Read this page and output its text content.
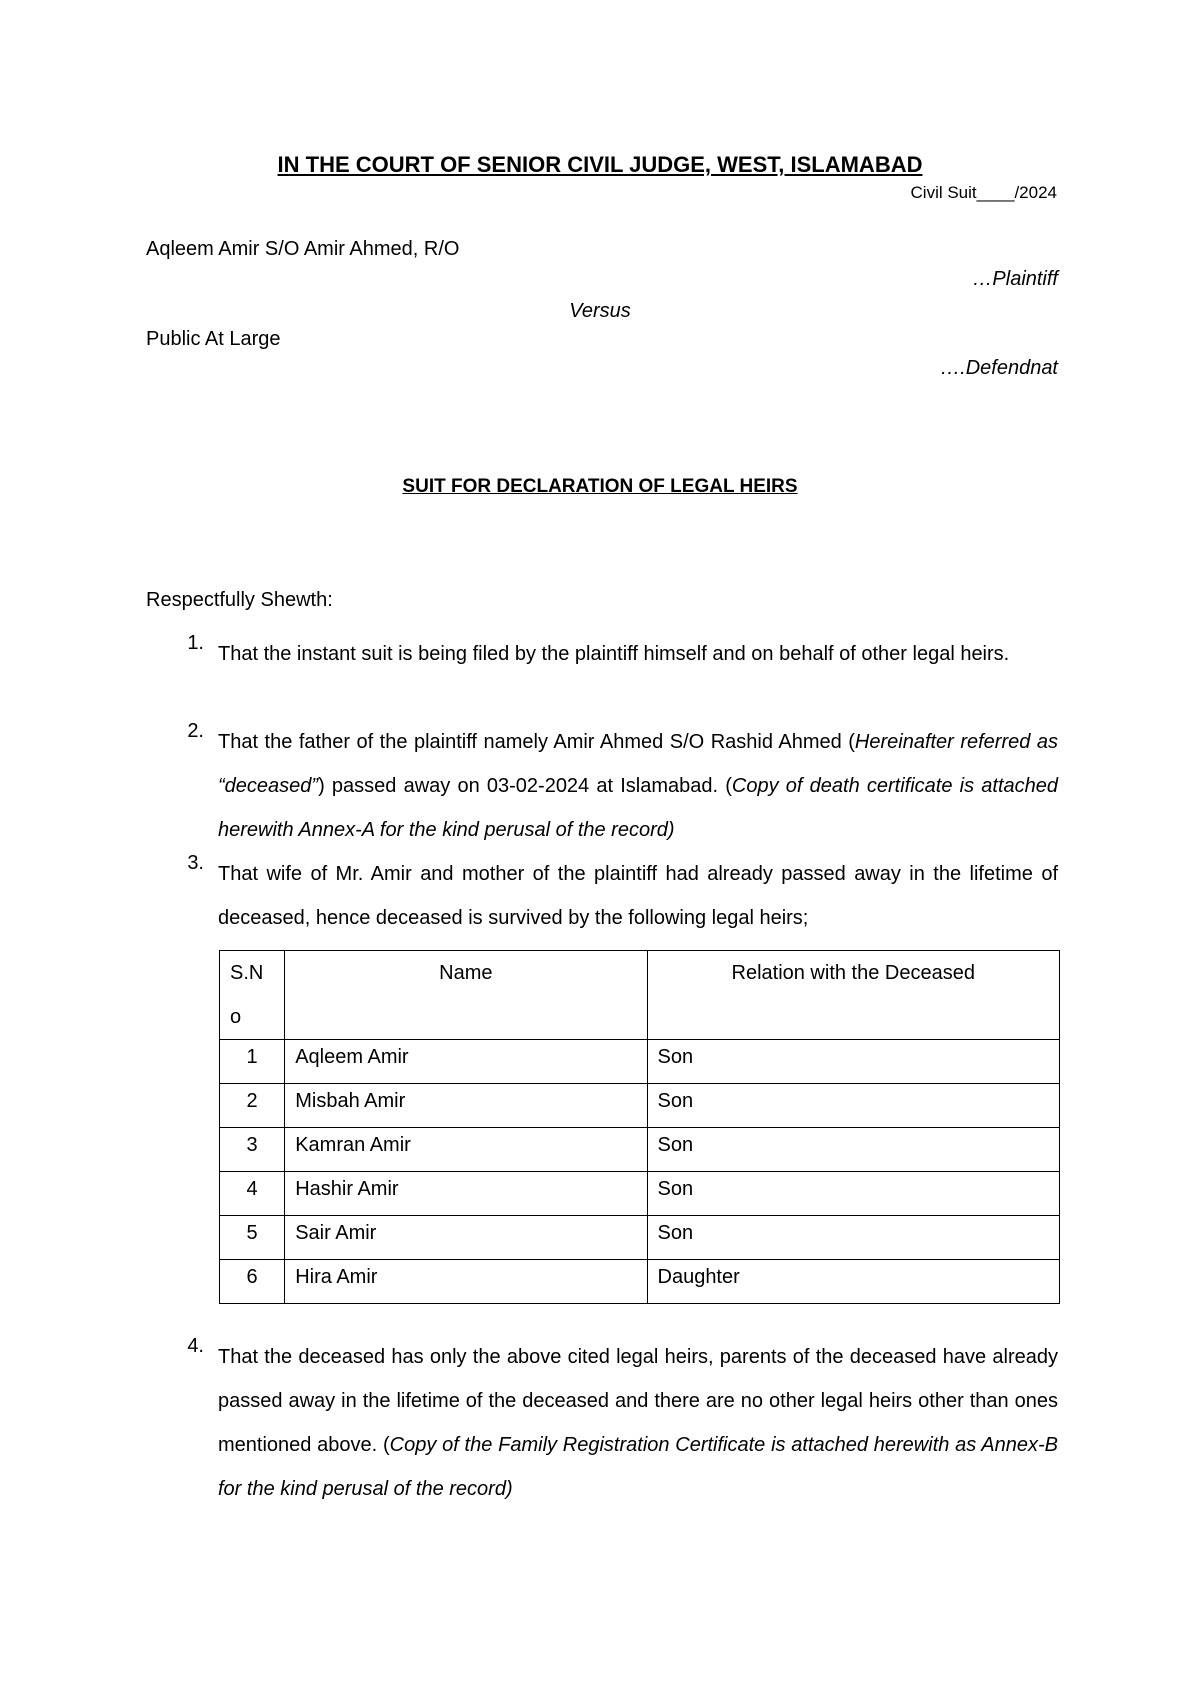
IN THE COURT OF SENIOR CIVIL JUDGE, WEST, ISLAMABAD
Civil Suit____/2024
Aqleem Amir S/O Amir Ahmed, R/O
…Plaintiff
Versus
Public At Large
….Defendnat
SUIT FOR DECLARATION OF LEGAL HEIRS
Respectfully Shewth:
1. That the instant suit is being filed by the plaintiff himself and on behalf of other legal heirs.
2. That the father of the plaintiff namely Amir Ahmed S/O Rashid Ahmed (Hereinafter referred as “deceased”) passed away on 03-02-2024 at Islamabad. (Copy of death certificate is attached herewith Annex-A for the kind perusal of the record)
3. That wife of Mr. Amir and mother of the plaintiff had already passed away in the lifetime of deceased, hence deceased is survived by the following legal heirs;
S.No	Name	Relation with the Deceased
1	Aqleem Amir	Son
2	Misbah Amir	Son
3	Kamran Amir	Son
4	Hashir Amir	Son
5	Sair Amir	Son
6	Hira Amir	Daughter
4. That the deceased has only the above cited legal heirs, parents of the deceased have already passed away in the lifetime of the deceased and there are no other legal heirs other than ones mentioned above. (Copy of the Family Registration Certificate is attached herewith as Annex-B for the kind perusal of the record)
